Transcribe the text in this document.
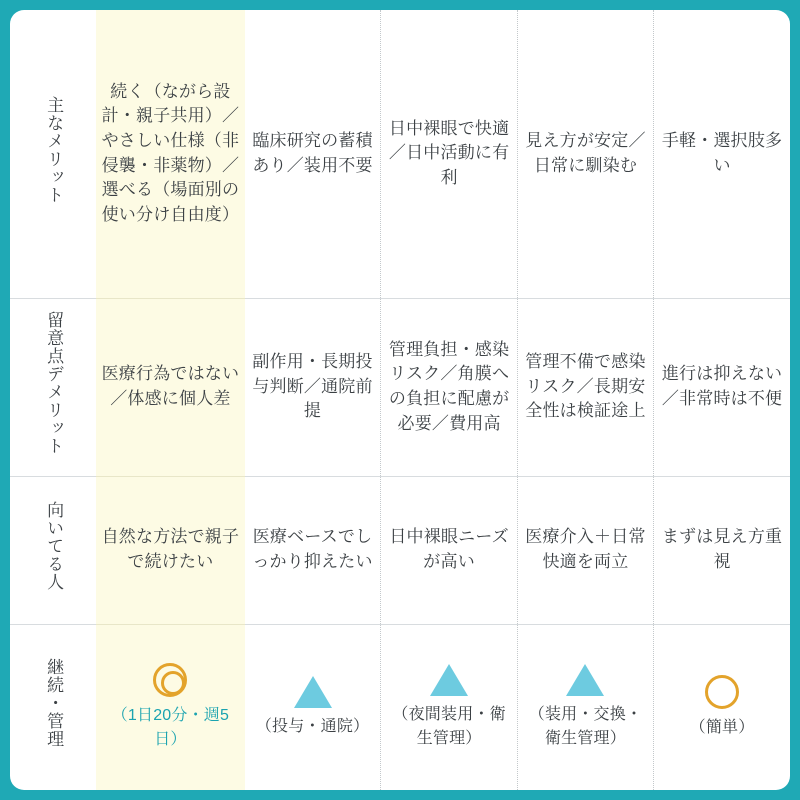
主なメリット	続く（ながら設計・親子共用）／やさしい仕様（非侵襲・非薬物）／選べる（場面別の使い分け自由度）	臨床研究の蓄積あり／装用不要	日中裸眼で快適／日中活動に有利	見え方が安定／日常に馴染む	手軽・選択肢多い

留意点デメリット	医療行為ではない／体感に個人差	副作用・長期投与判断／通院前提	管理負担・感染リスク／角膜への負担に配慮が必要／費用高	管理不備で感染リスク／長期安全性は検証途上	進行は抑えない／非常時は不便

向いてる人	自然な方法で親子で続けたい	医療ベースでしっかり抑えたい	日中裸眼ニーズが高い	医療介入＋日常快適を両立	まずは見え方重視

継続・管理	（1日20分・週5日）	（投与・通院）	（夜間装用・衛生管理）	（装用・交換・衛生管理）	（簡単）
